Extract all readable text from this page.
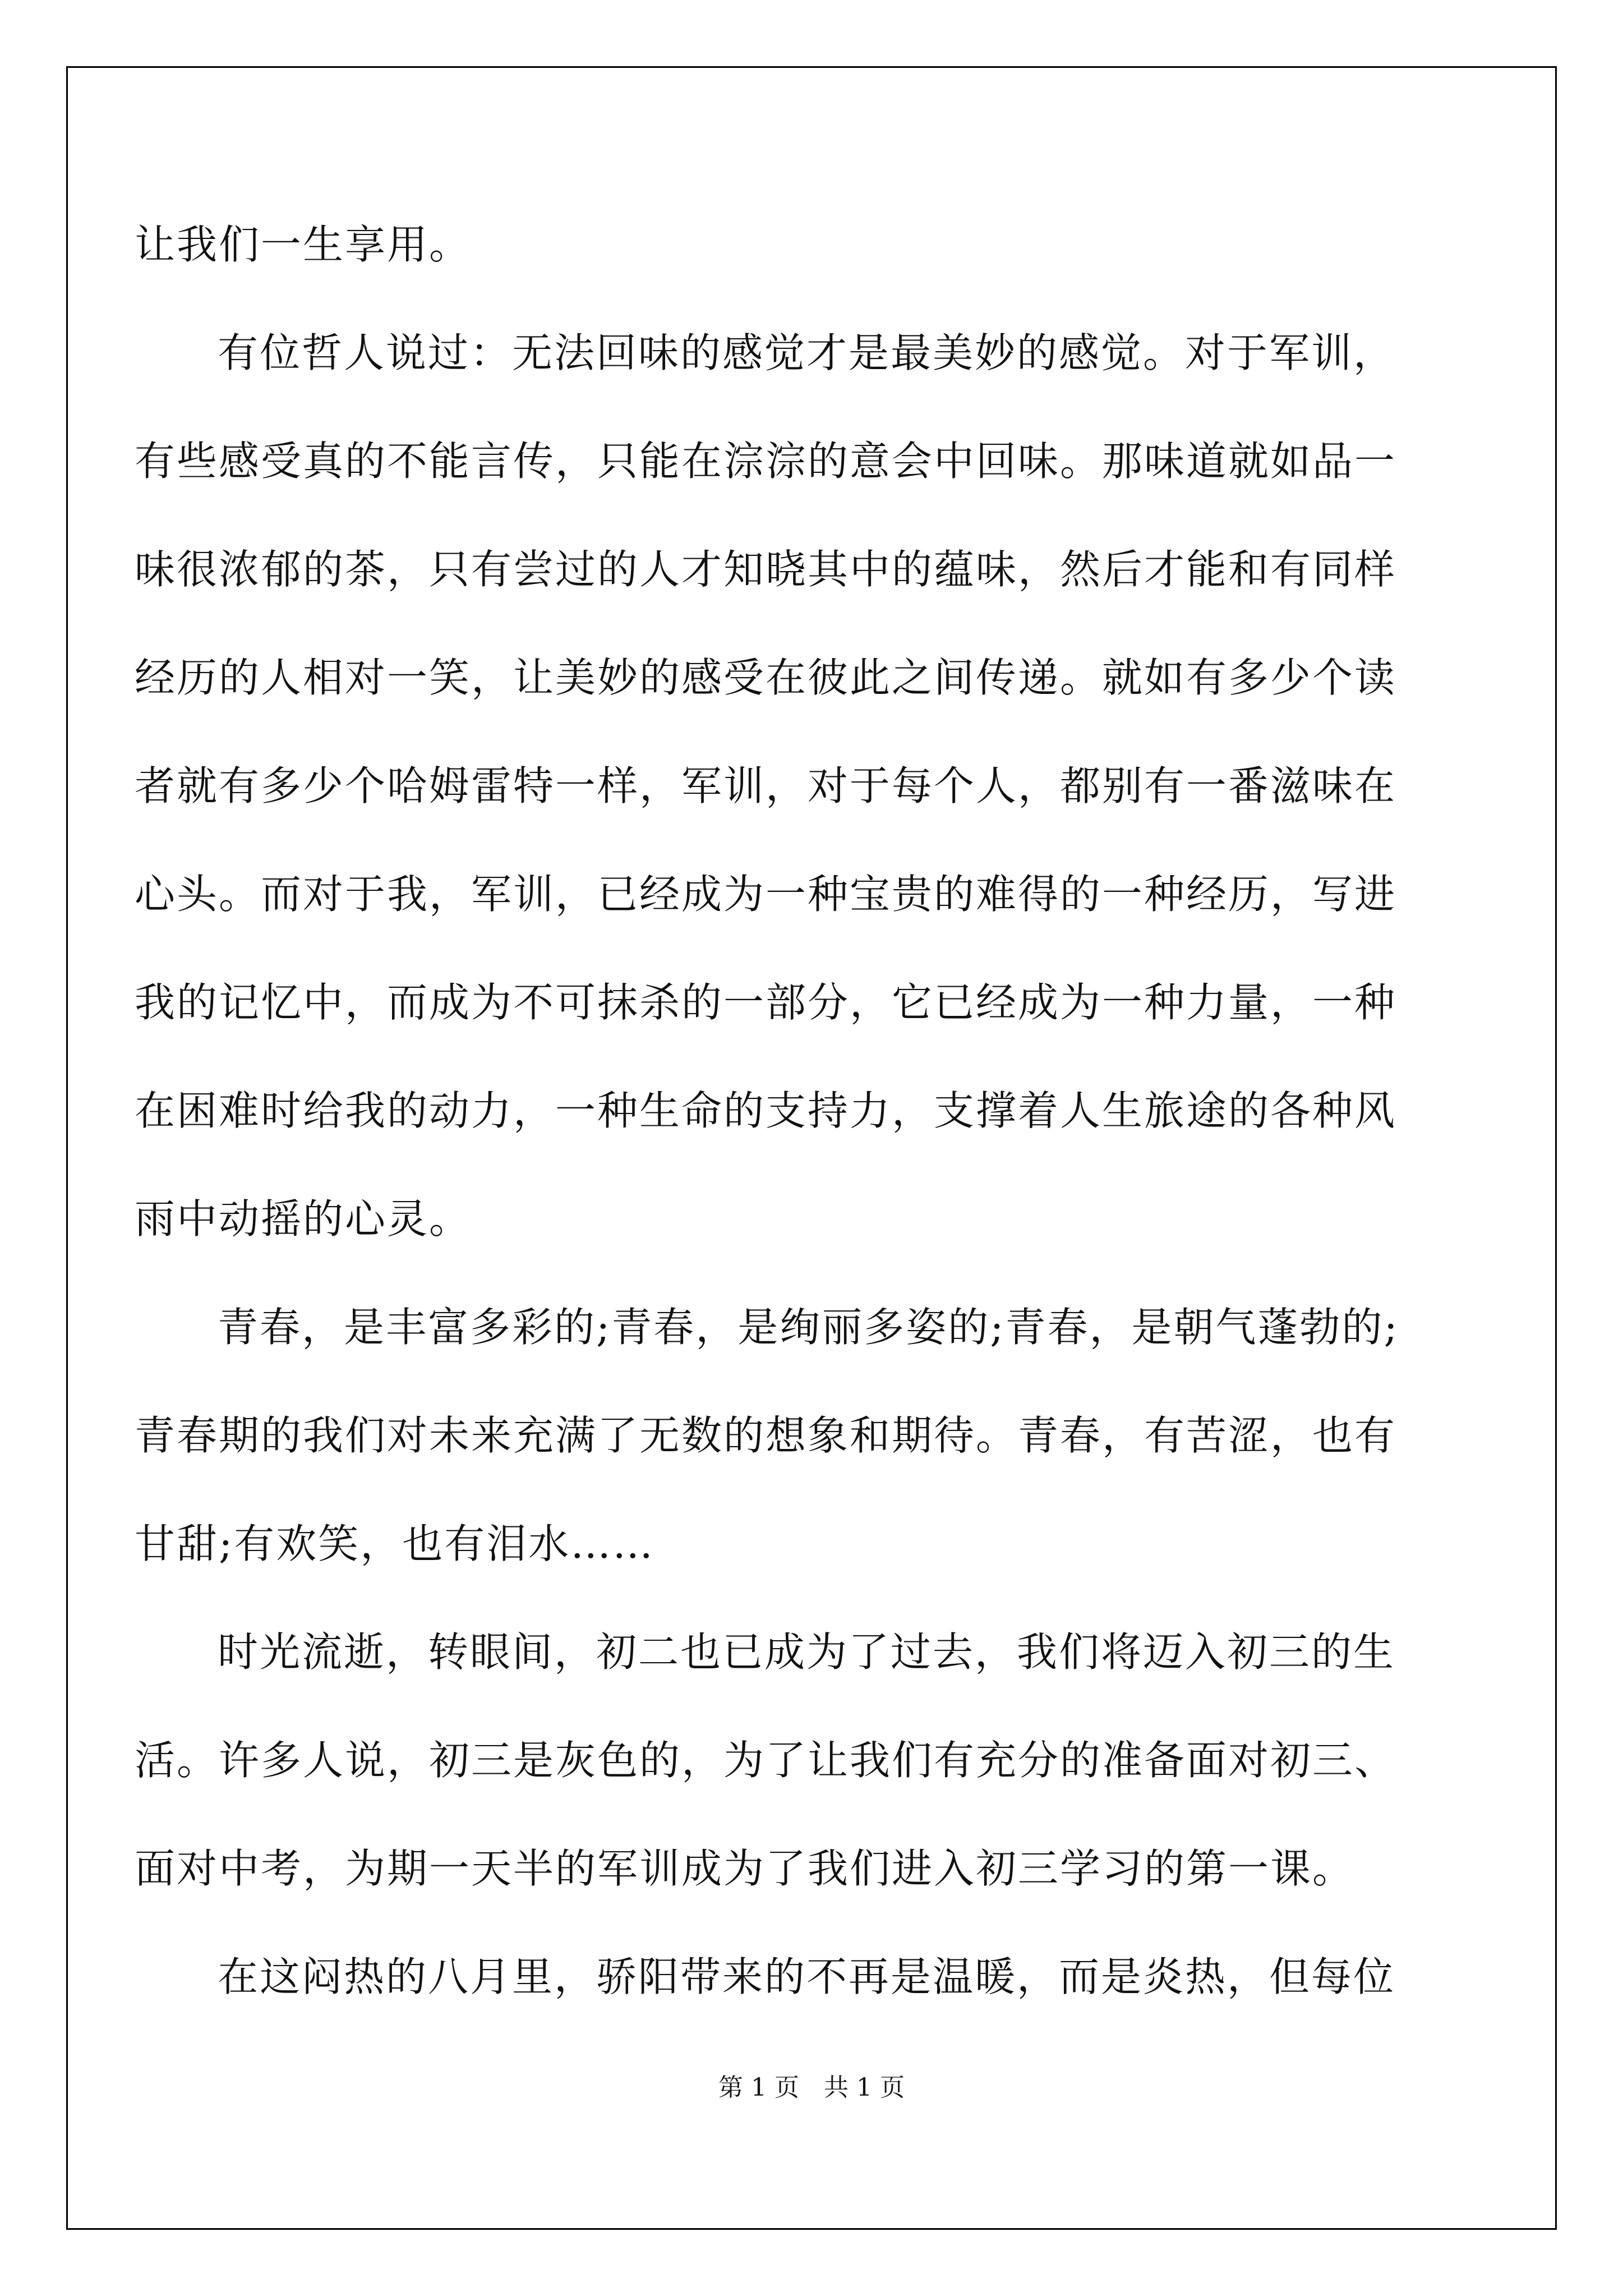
让我们一生享用。

有位哲人说过：无法回味的感觉才是最美妙的感觉。对于军训，

有些感受真的不能言传，只能在淙淙的意会中回味。那味道就如品一

味很浓郁的茶，只有尝过的人才知晓其中的蕴味，然后才能和有同样

经历的人相对一笑，让美妙的感受在彼此之间传递。就如有多少个读

者就有多少个哈姆雷特一样，军训，对于每个人，都别有一番滋味在

心头。而对于我，军训，已经成为一种宝贵的难得的一种经历，写进

我的记忆中，而成为不可抹杀的一部分，它已经成为一种力量，一种

在困难时给我的动力，一种生命的支持力，支撑着人生旅途的各种风

雨中动摇的心灵。

青春，是丰富多彩的;青春，是绚丽多姿的;青春，是朝气蓬勃的;

青春期的我们对未来充满了无数的想象和期待。青春，有苦涩，也有

甘甜;有欢笑，也有泪水……

时光流逝，转眼间，初二也已成为了过去，我们将迈入初三的生

活。许多人说，初三是灰色的，为了让我们有充分的准备面对初三、

面对中考，为期一天半的军训成为了我们进入初三学习的第一课。

在这闷热的八月里，骄阳带来的不再是温暖，而是炎热，但每位

第 1 页　共 1 页
